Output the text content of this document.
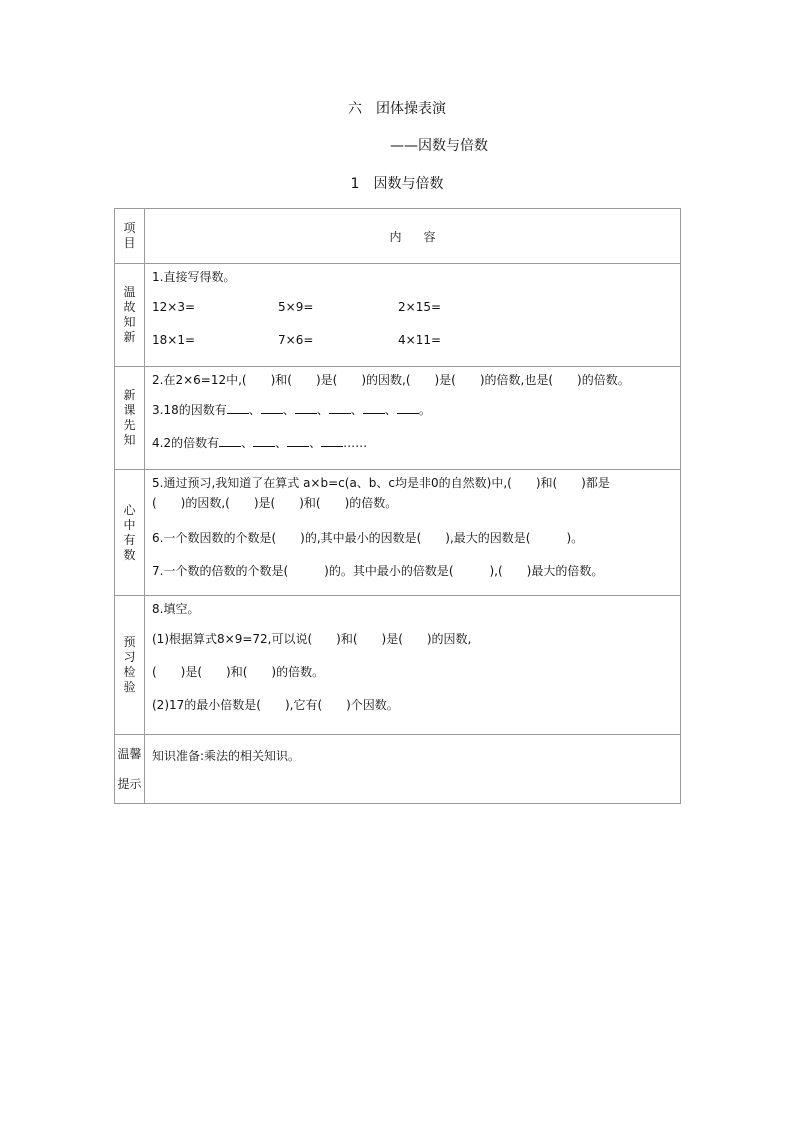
六 团体操表演
——因数与倍数
1 因数与倍数
项目	内 容
温故知新	1.直接写得数。
12×3= 5×9= 2×15=
18×1= 7×6= 4×11=

新课先知	2.在2×6=12中,(　　)和(　　)是(　　)的因数,(　　)是(　　)的倍数,也是(　　)的倍数。
3.18的因数有 、 、 、 、 、 。
4.2的倍数有 、 、 、 ……

心中有数	5.通过预习,我知道了在算式 a×b=c(a、b、c均是非0的自然数)中,(　　)和(　　)都是
(　　)的因数,(　　)是(　　)和(　　)的倍数。
6.一个数因数的个数是(　　)的,其中最小的因数是(　　),最大的因数是(　　　)。
7.一个数的倍数的个数是(　　　)的。其中最小的倍数是(　　　),(　　)最大的倍数。

预习检验	8.填空。
(1)根据算式8×9=72,可以说(　　)和(　　)是(　　)的因数,
(　　)是(　　)和(　　)的倍数。
(2)17的最小倍数是(　　),它有(　　)个因数。

温馨
提示	知识准备:乘法的相关知识。
